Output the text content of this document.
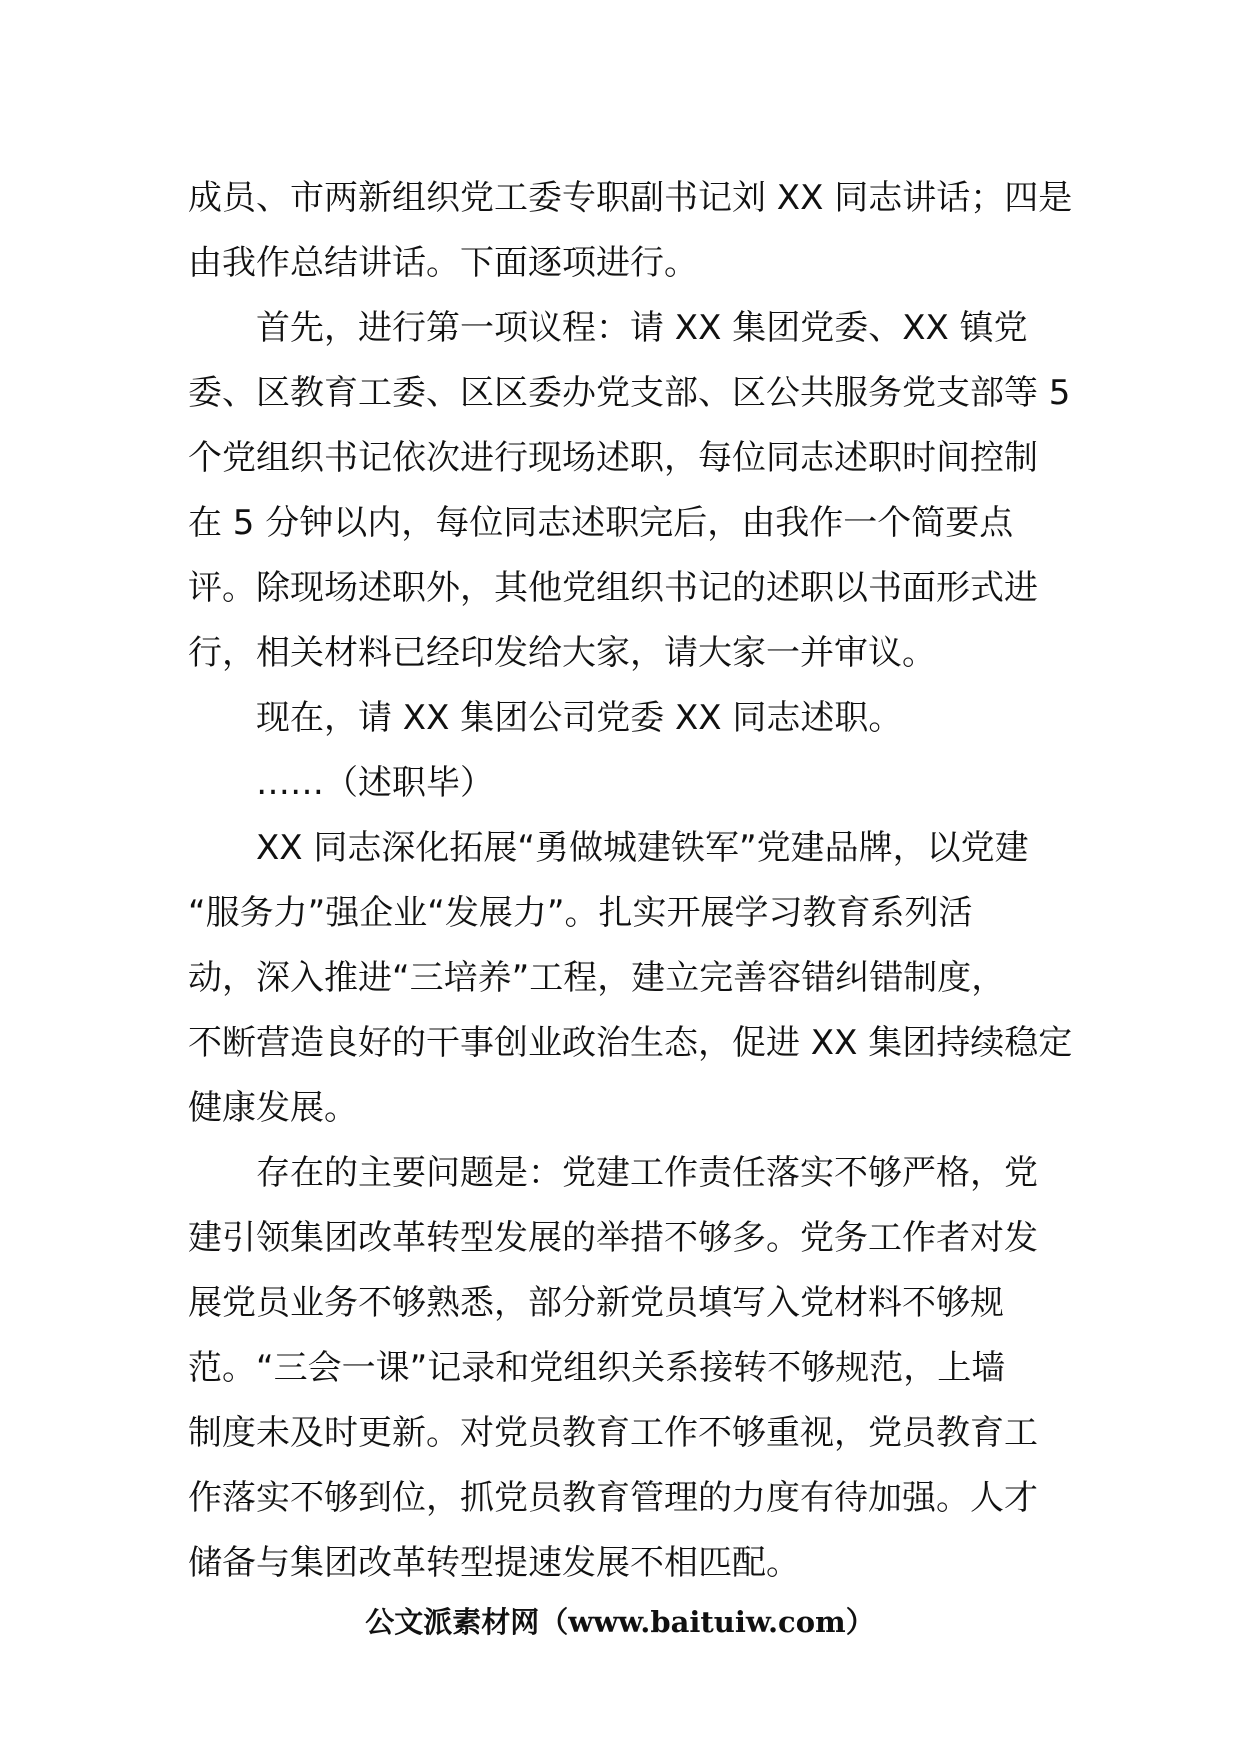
成员、市两新组织党工委专职副书记刘 XX 同志讲话；四是
由我作总结讲话。下面逐项进行。
首先，进行第一项议程：请 XX 集团党委、XX 镇党
委、区教育工委、区区委办党支部、区公共服务党支部等 5
个党组织书记依次进行现场述职，每位同志述职时间控制
在 5 分钟以内，每位同志述职完后，由我作一个简要点
评。除现场述职外，其他党组织书记的述职以书面形式进
行，相关材料已经印发给大家，请大家一并审议。
现在，请 XX 集团公司党委 XX 同志述职。
……（述职毕）
XX 同志深化拓展“勇做城建铁军”党建品牌，以党建
“服务力”强企业“发展力”。扎实开展学习教育系列活
动，深入推进“三培养”工程，建立完善容错纠错制度，
不断营造良好的干事创业政治生态，促进 XX 集团持续稳定
健康发展。
存在的主要问题是：党建工作责任落实不够严格，党
建引领集团改革转型发展的举措不够多。党务工作者对发
展党员业务不够熟悉，部分新党员填写入党材料不够规
范。“三会一课”记录和党组织关系接转不够规范，上墙
制度未及时更新。对党员教育工作不够重视，党员教育工
作落实不够到位，抓党员教育管理的力度有待加强。人才
储备与集团改革转型提速发展不相匹配。
公文派素材网（www.baituiw.com）
